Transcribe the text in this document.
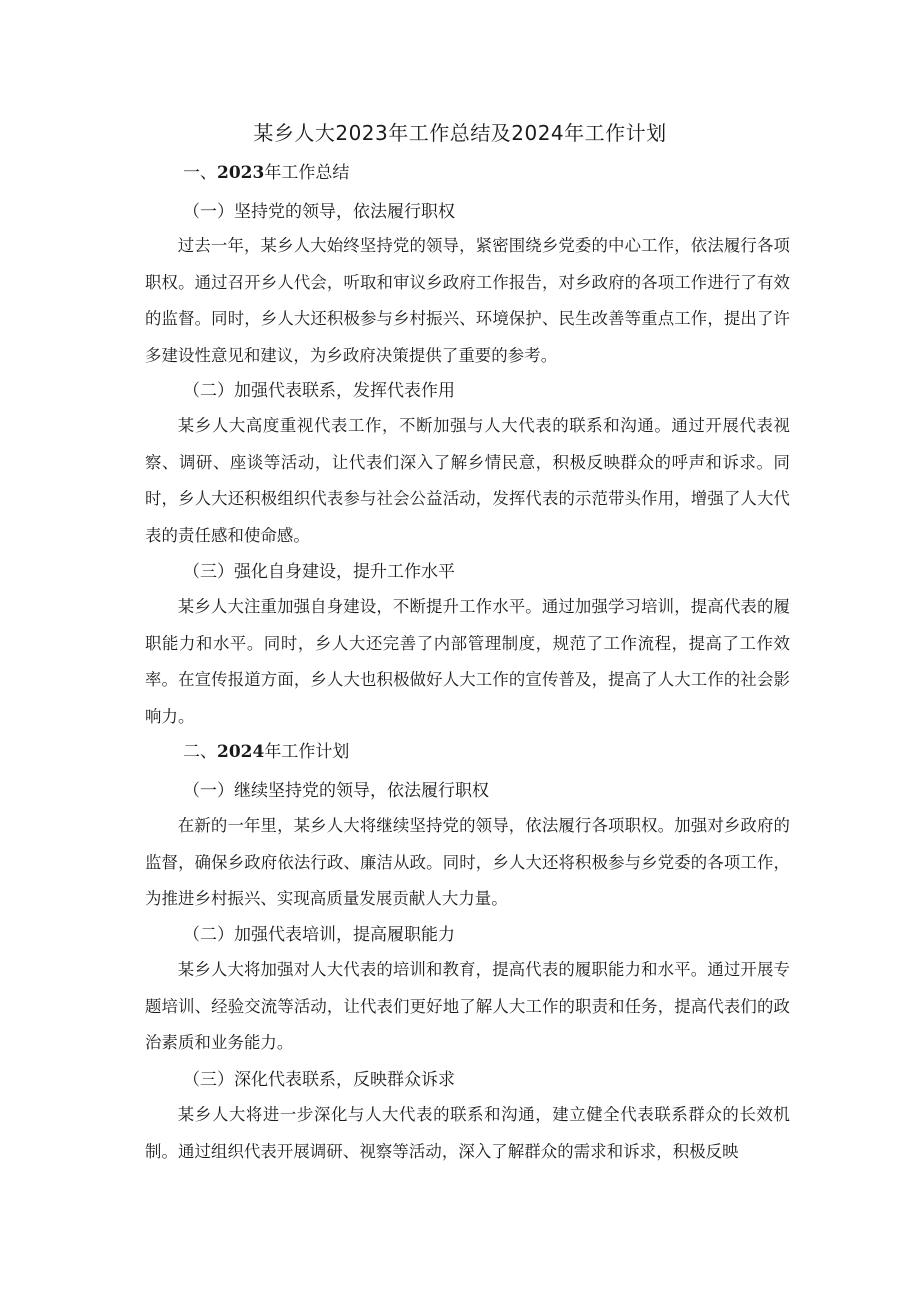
某乡人大2023年工作总结及2024年工作计划
一、2023年工作总结
（一）坚持党的领导，依法履行职权
过去一年，某乡人大始终坚持党的领导，紧密围绕乡党委的中心工作，依法履行各项职权。通过召开乡人代会，听取和审议乡政府工作报告，对乡政府的各项工作进行了有效的监督。同时，乡人大还积极参与乡村振兴、环境保护、民生改善等重点工作，提出了许多建设性意见和建议，为乡政府决策提供了重要的参考。
（二）加强代表联系，发挥代表作用
某乡人大高度重视代表工作，不断加强与人大代表的联系和沟通。通过开展代表视察、调研、座谈等活动，让代表们深入了解乡情民意，积极反映群众的呼声和诉求。同时，乡人大还积极组织代表参与社会公益活动，发挥代表的示范带头作用，增强了人大代表的责任感和使命感。
（三）强化自身建设，提升工作水平
某乡人大注重加强自身建设，不断提升工作水平。通过加强学习培训，提高代表的履职能力和水平。同时，乡人大还完善了内部管理制度，规范了工作流程，提高了工作效率。在宣传报道方面，乡人大也积极做好人大工作的宣传普及，提高了人大工作的社会影响力。
二、2024年工作计划
（一）继续坚持党的领导，依法履行职权
在新的一年里，某乡人大将继续坚持党的领导，依法履行各项职权。加强对乡政府的监督，确保乡政府依法行政、廉洁从政。同时，乡人大还将积极参与乡党委的各项工作，为推进乡村振兴、实现高质量发展贡献人大力量。
（二）加强代表培训，提高履职能力
某乡人大将加强对人大代表的培训和教育，提高代表的履职能力和水平。通过开展专题培训、经验交流等活动，让代表们更好地了解人大工作的职责和任务，提高代表们的政治素质和业务能力。
（三）深化代表联系，反映群众诉求
某乡人大将进一步深化与人大代表的联系和沟通，建立健全代表联系群众的长效机制。通过组织代表开展调研、视察等活动，深入了解群众的需求和诉求，积极反映
